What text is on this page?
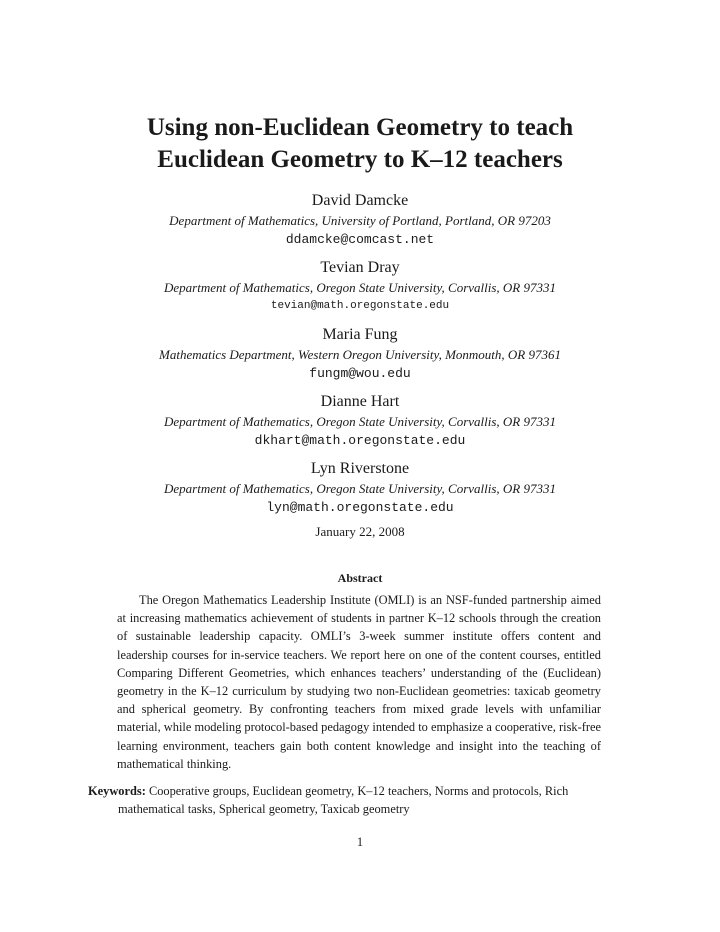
Using non-Euclidean Geometry to teach
Euclidean Geometry to K–12 teachers
David Damcke
Department of Mathematics, University of Portland, Portland, OR 97203
ddamcke@comcast.net
Tevian Dray
Department of Mathematics, Oregon State University, Corvallis, OR 97331
tevian@math.oregonstate.edu
Maria Fung
Mathematics Department, Western Oregon University, Monmouth, OR 97361
fungm@wou.edu
Dianne Hart
Department of Mathematics, Oregon State University, Corvallis, OR 97331
dkhart@math.oregonstate.edu
Lyn Riverstone
Department of Mathematics, Oregon State University, Corvallis, OR 97331
lyn@math.oregonstate.edu
January 22, 2008
Abstract

The Oregon Mathematics Leadership Institute (OMLI) is an NSF-funded partnership aimed at increasing mathematics achievement of students in partner K–12 schools through the creation of sustainable leadership capacity. OMLI’s 3-week summer institute offers content and leadership courses for in-service teachers. We report here on one of the content courses, entitled Comparing Different Geometries, which enhances teachers’ understanding of the (Euclidean) geometry in the K–12 curriculum by studying two non-Euclidean geometries: taxicab geometry and spherical geometry. By confronting teachers from mixed grade levels with unfamiliar material, while modeling protocol-based pedagogy intended to emphasize a cooperative, risk-free learning environment, teachers gain both content knowledge and insight into the teaching of mathematical thinking.

Keywords: Cooperative groups, Euclidean geometry, K–12 teachers, Norms and protocols, Rich mathematical tasks, Spherical geometry, Taxicab geometry

1
